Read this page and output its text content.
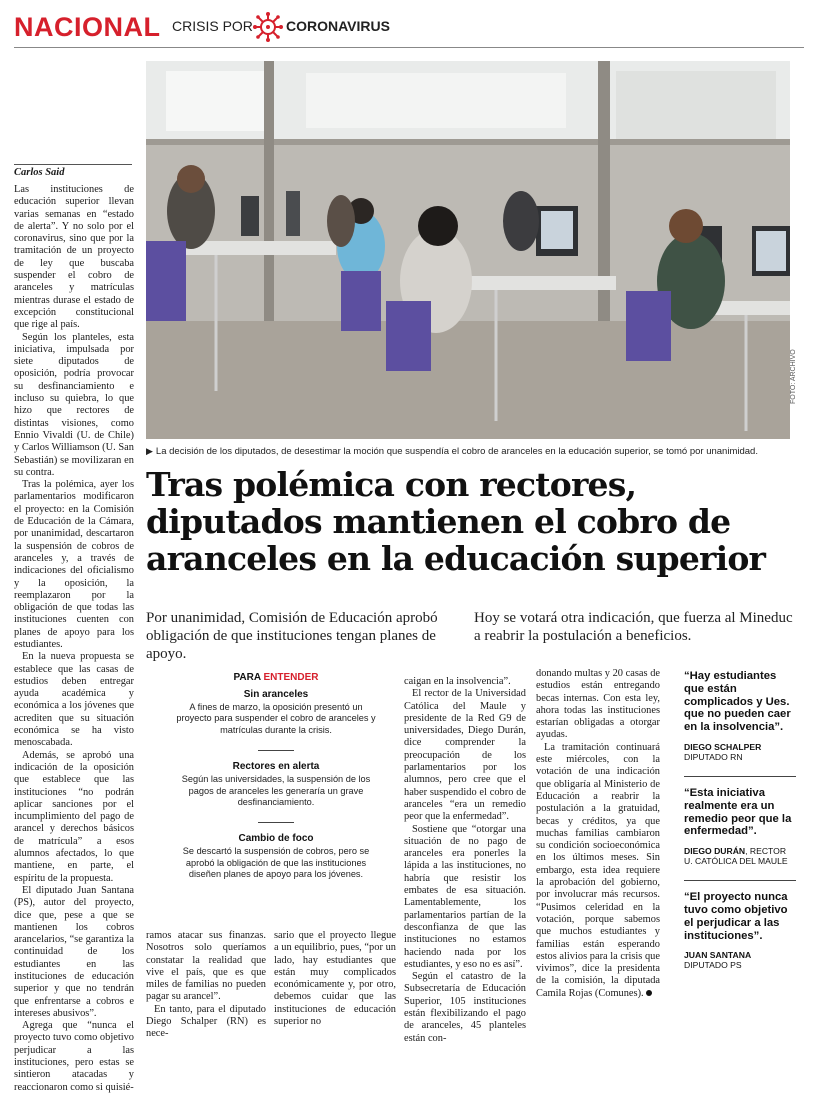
NACIONAL CRISIS POR CORONAVIRUS
FOTO: ARCHIVO
▶ La decisión de los diputados, de desestimar la moción que suspendía el cobro de aranceles en la educación superior, se tomó por unanimidad.
Tras polémica con rectores, diputados mantienen el cobro de aranceles en la educación superior
Por unanimidad, Comisión de Educación aprobó obligación de que instituciones tengan planes de apoyo.
Hoy se votará otra indicación, que fuerza al Mineduc a reabrir la postulación a beneficios.
Carlos Said

Las instituciones de educación superior llevan varias semanas en “estado de alerta”. Y no solo por el coronavirus, sino que por la tramitación de un proyecto de ley que buscaba suspender el cobro de aranceles y matrículas mientras durase el estado de excepción constitucional que rige al país.

Según los planteles, esta iniciativa, impulsada por siete diputados de oposición, podría provocar su desfinanciamiento e incluso su quiebra, lo que hizo que rectores de distintas visiones, como Ennio Vivaldi (U. de Chile) y Carlos Williamson (U. San Sebastián) se movilizaran en su contra.

Tras la polémica, ayer los parlamentarios modificaron el proyecto: en la Comisión de Educación de la Cámara, por unanimidad, descartaron la suspensión de cobros de aranceles y, a través de indicaciones del oficialismo y la oposición, la reemplazaron por la obligación de que todas las instituciones cuenten con planes de apoyo para los estudiantes.

En la nueva propuesta se establece que las casas de estudios deben entregar ayuda académica y económica a los jóvenes que acrediten que su situación económica se ha visto menoscabada.

Además, se aprobó una indicación de la oposición que establece que las instituciones “no podrán aplicar sanciones por el incumplimiento del pago de arancel y derechos básicos de matrícula” a esos alumnos afectados, lo que mantiene, en parte, el espíritu de la propuesta.

El diputado Juan Santana (PS), autor del proyecto, dice que, pese a que se mantienen los cobros arancelarios, “se garantiza la continuidad de los estudiantes en las instituciones de educación superior y que no tendrán que enfrentarse a cobros e intereses abusivos”.

Agrega que “nunca el proyecto tuvo como objetivo perjudicar a las instituciones, pero estas se sintieron atacadas y reaccionaron como si quisié-

PARA ENTENDER
Sin aranceles
A fines de marzo, la oposición presentó un proyecto para suspender el cobro de aranceles y matrículas durante la crisis.
Rectores en alerta
Según las universidades, la suspensión de los pagos de aranceles les generaría un grave desfinanciamiento.
Cambio de foco
Se descartó la suspensión de cobros, pero se aprobó la obligación de que las instituciones diseñen planes de apoyo para los jóvenes.

ramos atacar sus finanzas. Nosotros solo queríamos constatar la realidad que vive el país, que es que miles de familias no pueden pagar su arancel”.

En tanto, para el diputado Diego Schalper (RN) es nece-

sario que el proyecto llegue a un equilibrio, pues, “por un lado, hay estudiantes que están muy complicados económicamente y, por otro, debemos cuidar que las instituciones de educación superior no

caigan en la insolvencia”.

El rector de la Universidad Católica del Maule y presidente de la Red G9 de universidades, Diego Durán, dice comprender la preocupación de los parlamentarios por los alumnos, pero cree que el haber suspendido el cobro de aranceles “era un remedio peor que la enfermedad”.

Sostiene que “otorgar una situación de no pago de aranceles era ponerles la lápida a las instituciones, no habría que resistir los embates de esa situación. Lamentablemente, los parlamentarios partían de la desconfianza de que las instituciones no estamos haciendo nada por los estudiantes, y eso no es así”.

Según el catastro de la Subsecretaría de Educación Superior, 105 instituciones están flexibilizando el pago de aranceles, 45 planteles están con-

donando multas y 20 casas de estudios están entregando becas internas. Con esta ley, ahora todas las instituciones estarían obligadas a otorgar ayudas.

La tramitación continuará este miércoles, con la votación de una indicación que obligaría al Ministerio de Educación a reabrir la postulación a la gratuidad, becas y créditos, ya que muchas familias cambiaron su condición socioeconómica en los últimos meses. Sin embargo, esta idea requiere la aprobación del gobierno, por involucrar más recursos. “Pusimos celeridad en la votación, porque sabemos que muchos estudiantes y familias están esperando estos alivios para la crisis que vivimos”, dice la presidenta de la comisión, la diputada Camila Rojas (Comunes).

“Hay estudiantes que están complicados y Ues. que no pueden caer en la insolvencia”.
DIEGO SCHALPER
DIPUTADO RN
“Esta iniciativa realmente era un remedio peor que la enfermedad”.
DIEGO DURÁN, RECTOR
U. CATÓLICA DEL MAULE
“El proyecto nunca tuvo como objetivo el perjudicar a las instituciones”.
JUAN SANTANA
DIPUTADO PS
